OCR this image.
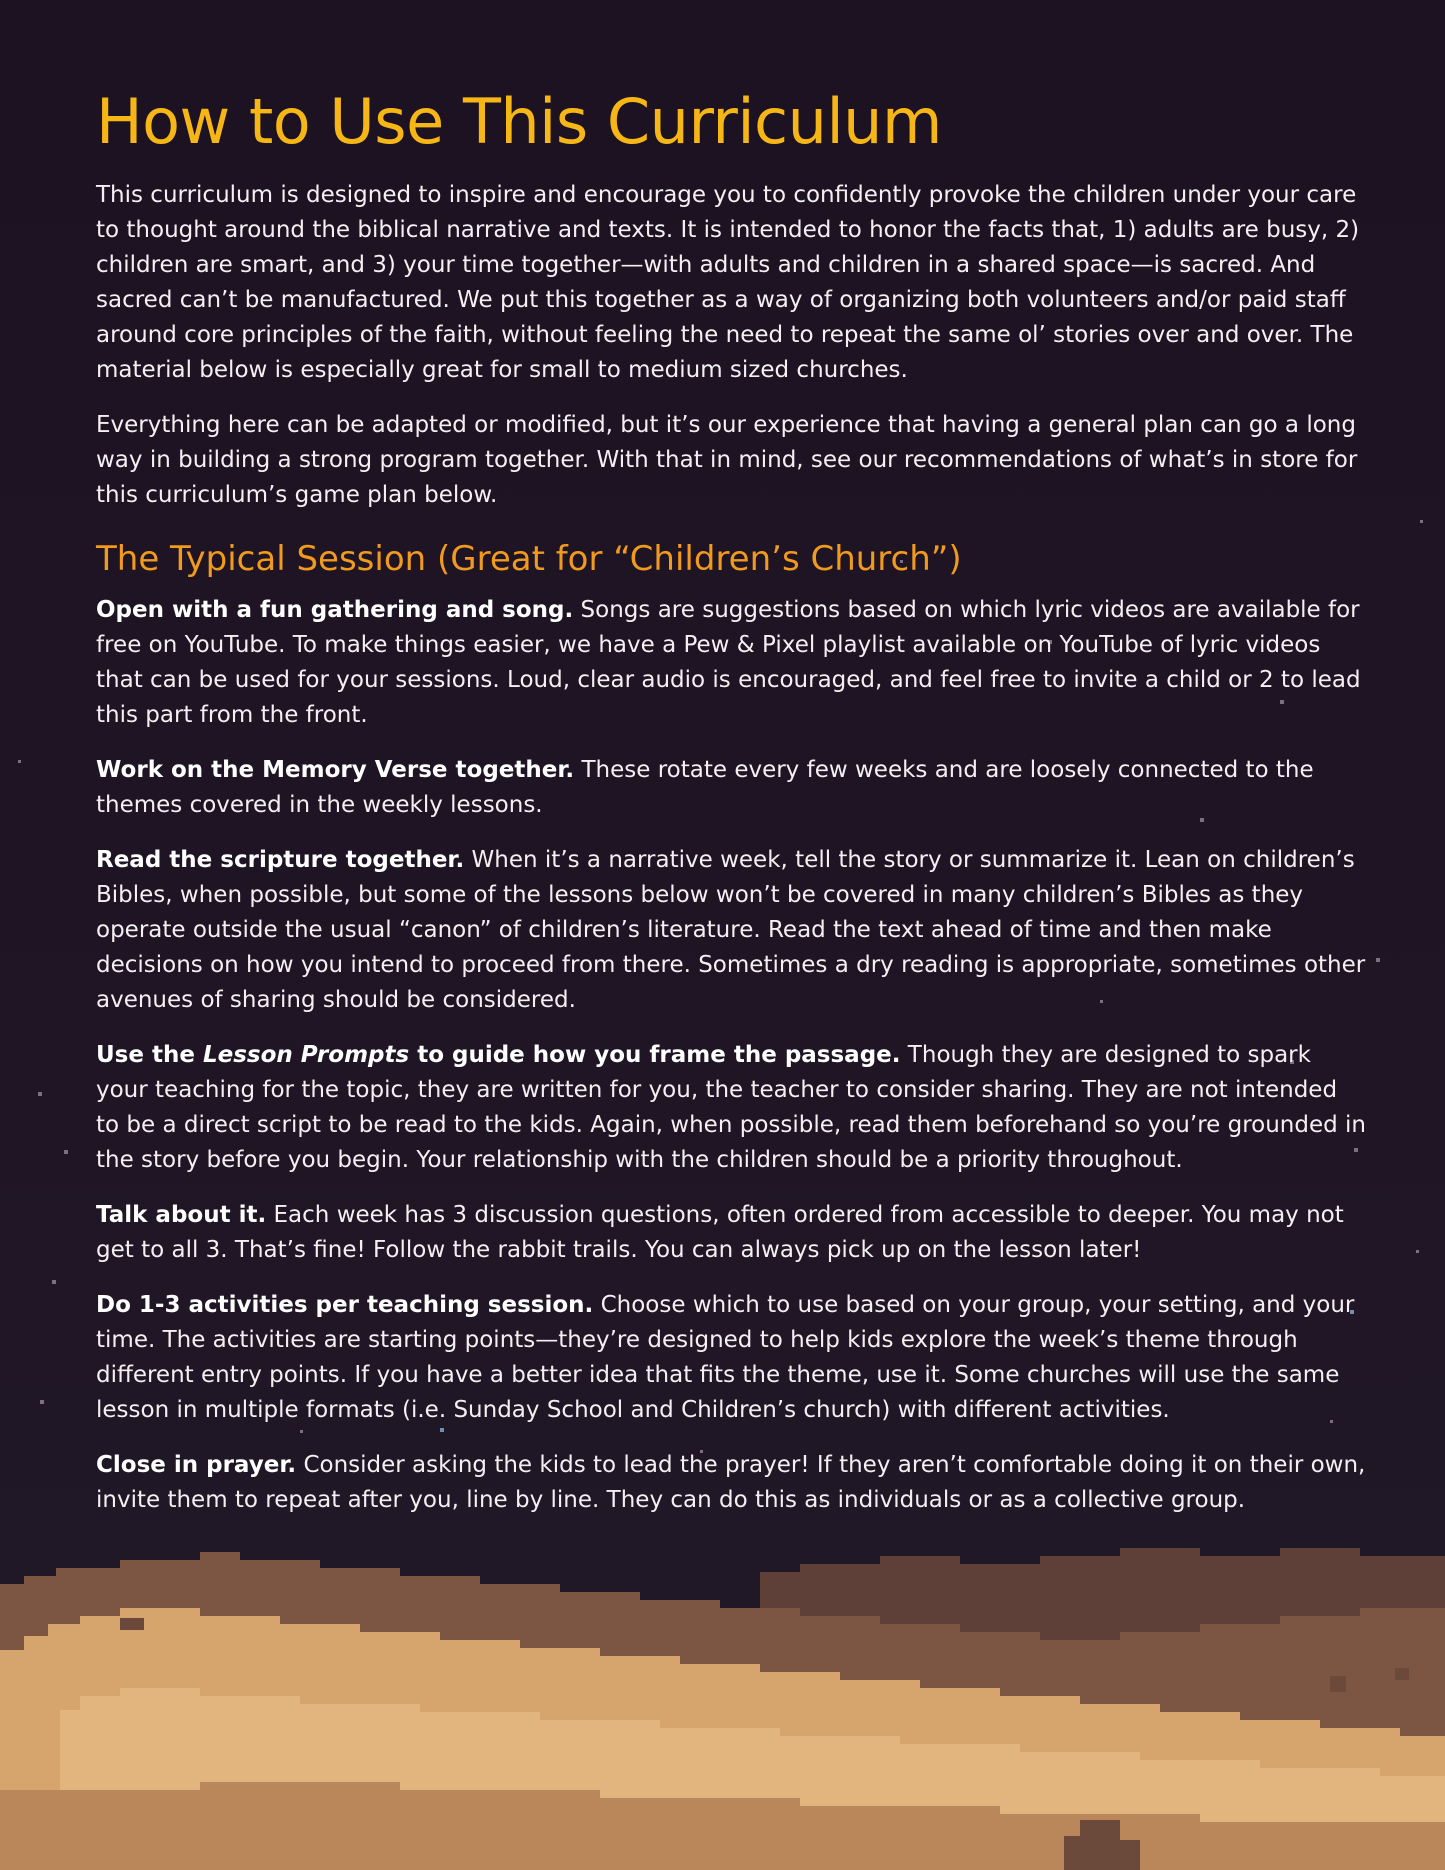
How to Use This Curriculum

This curriculum is designed to inspire and encourage you to confidently provoke the children under your care to thought around the biblical narrative and texts. It is intended to honor the facts that, 1) adults are busy, 2) children are smart, and 3) your time together—with adults and children in a shared space—is sacred. And sacred can’t be manufactured. We put this together as a way of organizing both volunteers and/or paid staff around core principles of the faith, without feeling the need to repeat the same ol’ stories over and over. The material below is especially great for small to medium sized churches.

Everything here can be adapted or modified, but it’s our experience that having a general plan can go a long way in building a strong program together. With that in mind, see our recommendations of what’s in store for this curriculum’s game plan below.

The Typical Session (Great for “Children’s Church”)

Open with a fun gathering and song. Songs are suggestions based on which lyric videos are available for free on YouTube. To make things easier, we have a Pew & Pixel playlist available on YouTube of lyric videos that can be used for your sessions. Loud, clear audio is encouraged, and feel free to invite a child or 2 to lead this part from the front.

Work on the Memory Verse together. These rotate every few weeks and are loosely connected to the themes covered in the weekly lessons.

Read the scripture together. When it’s a narrative week, tell the story or summarize it. Lean on children’s Bibles, when possible, but some of the lessons below won’t be covered in many children’s Bibles as they operate outside the usual “canon” of children’s literature. Read the text ahead of time and then make decisions on how you intend to proceed from there. Sometimes a dry reading is appropriate, sometimes other avenues of sharing should be considered.

Use the Lesson Prompts to guide how you frame the passage. Though they are designed to spark your teaching for the topic, they are written for you, the teacher to consider sharing. They are not intended to be a direct script to be read to the kids. Again, when possible, read them beforehand so you’re grounded in the story before you begin. Your relationship with the children should be a priority throughout.

Talk about it. Each week has 3 discussion questions, often ordered from accessible to deeper. You may not get to all 3. That’s fine! Follow the rabbit trails. You can always pick up on the lesson later!

Do 1-3 activities per teaching session. Choose which to use based on your group, your setting, and your time. The activities are starting points—they’re designed to help kids explore the week’s theme through different entry points. If you have a better idea that fits the theme, use it. Some churches will use the same lesson in multiple formats (i.e. Sunday School and Children’s church) with different activities.

Close in prayer. Consider asking the kids to lead the prayer! If they aren’t comfortable doing it on their own, invite them to repeat after you, line by line. They can do this as individuals or as a collective group.
